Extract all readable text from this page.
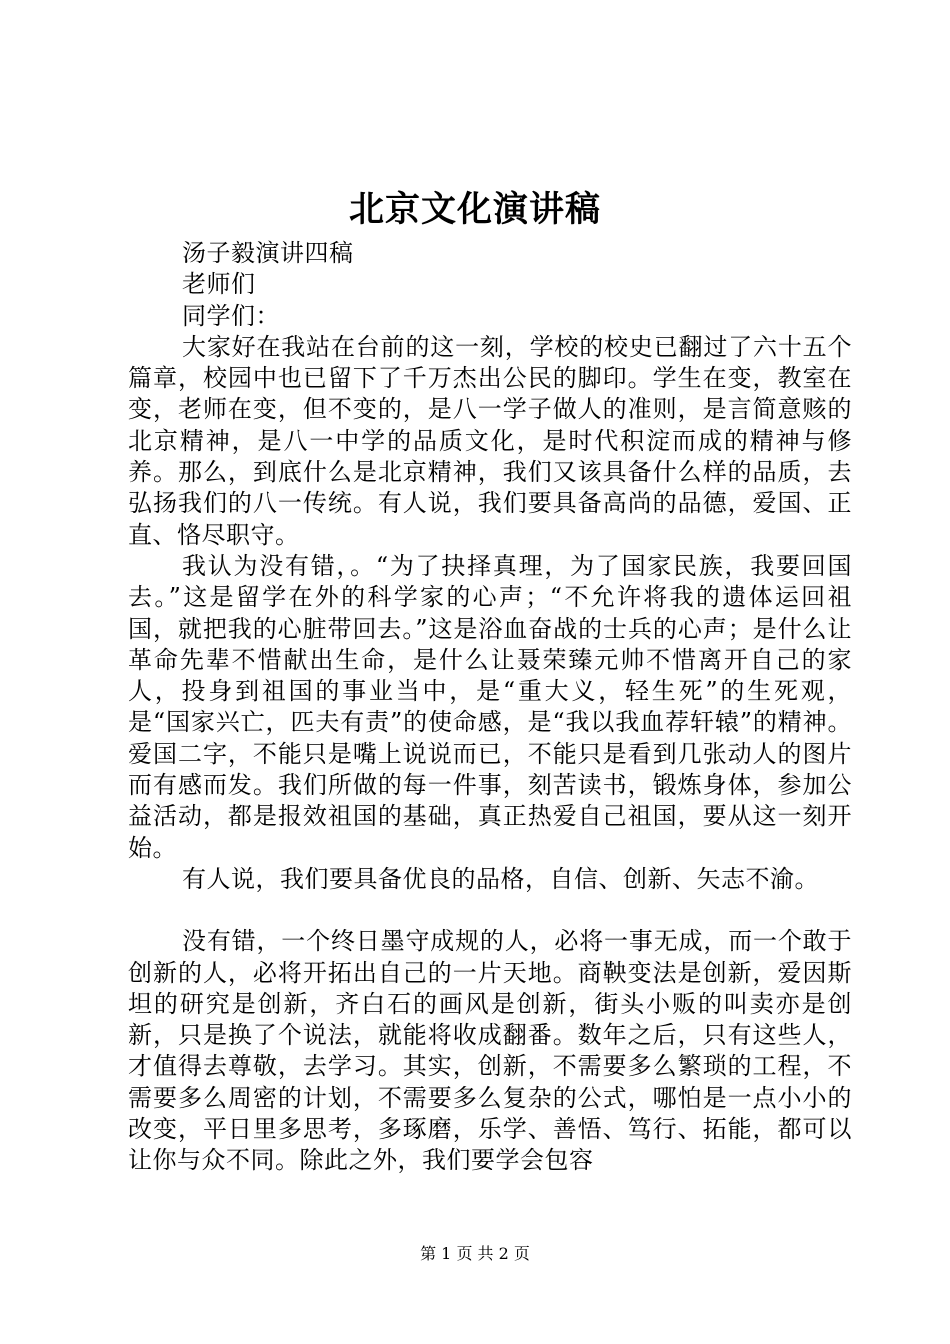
北京文化演讲稿

汤子毅演讲四稿

老师们

同学们：

大家好在我站在台前的这一刻，学校的校史已翻过了六十五个篇章，校园中也已留下了千万杰出公民的脚印。学生在变，教室在变，老师在变，但不变的，是八一学子做人的准则，是言简意赅的北京精神，是八一中学的品质文化，是时代积淀而成的精神与修养。那么，到底什么是北京精神，我们又该具备什么样的品质，去弘扬我们的八一传统。有人说，我们要具备高尚的品德，爱国、正直、恪尽职守。

我认为没有错，。“为了抉择真理，为了国家民族，我要回国去。”这是留学在外的科学家的心声；“不允许将我的遗体运回祖国，就把我的心脏带回去。”这是浴血奋战的士兵的心声；是什么让革命先辈不惜献出生命，是什么让聂荣臻元帅不惜离开自己的家人，投身到祖国的事业当中，是“重大义，轻生死”的生死观，是“国家兴亡，匹夫有责”的使命感，是“我以我血荐轩辕”的精神。爱国二字，不能只是嘴上说说而已，不能只是看到几张动人的图片而有感而发。我们所做的每一件事，刻苦读书，锻炼身体，参加公益活动，都是报效祖国的基础，真正热爱自己祖国，要从这一刻开始。

有人说，我们要具备优良的品格，自信、创新、矢志不渝。

没有错，一个终日墨守成规的人，必将一事无成，而一个敢于创新的人，必将开拓出自己的一片天地。商鞅变法是创新，爱因斯坦的研究是创新，齐白石的画风是创新，街头小贩的叫卖亦是创新，只是换了个说法，就能将收成翻番。数年之后，只有这些人，才值得去尊敬，去学习。其实，创新，不需要多么繁琐的工程，不需要多么周密的计划，不需要多么复杂的公式，哪怕是一点小小的改变，平日里多思考，多琢磨，乐学、善悟、笃行、拓能，都可以让你与众不同。除此之外，我们要学会包容

第 1 页 共 2 页
